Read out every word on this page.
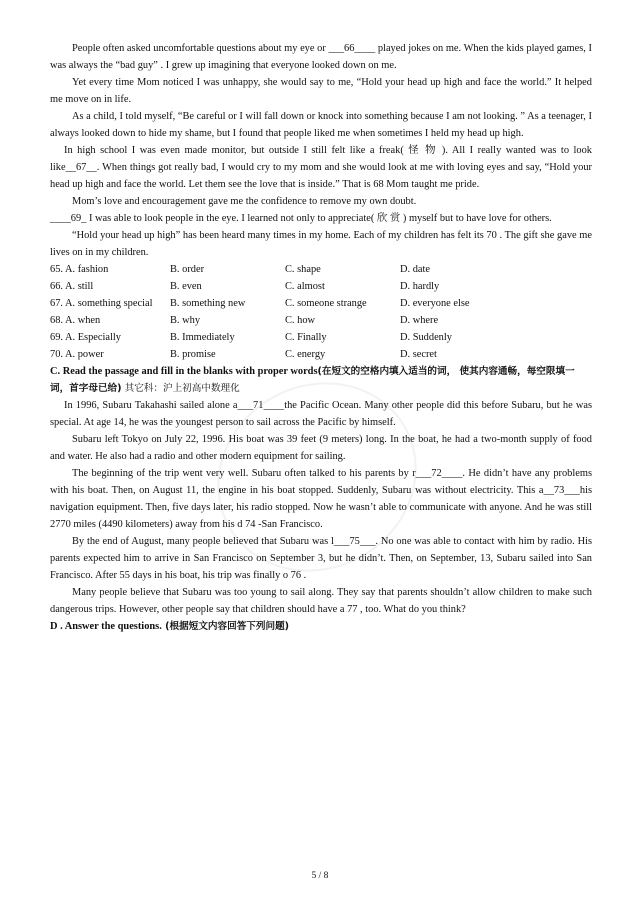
People often asked uncomfortable questions about my eye or ___66____ played jokes on me. When the kids played games, I was always the “bad guy” . I grew up imagining that everyone looked down on me.

Yet every time Mom noticed I was unhappy, she would say to me, “Hold your head up high and face the world.” It helped me move on in life.

As a child, I told myself, “Be careful or I will fall down or knock into something because I am not looking. ” As a teenager, I always looked down to hide my shame, but I found that people liked me when sometimes I held my head up high.

In high school I was even made monitor, but outside I still felt like a freak( 怪 物 ). All I really wanted was to look like__67__. When things got really bad, I would cry to my mom and she would look at me with loving eyes and say, “Hold your head up high and face the world. Let them see the love that is inside.” That is 68 Mom taught me pride.

Mom’s love and encouragement gave me the confidence to remove my own doubt.

____69_ I was able to look people in the eye. I learned not only to appreciate( 欣 赏 ) myself but to have love for others.

“Hold your head up high” has been heard many times in my home. Each of my children has felt its 70 . The gift she gave me lives on in my children.

65. A. fashion	B. order	C. shape	D. date
66. A. still	B. even	C. almost	D. hardly
67. A. something special	B. something new	C. someone strange	D. everyone else
68. A. when	B. why	C. how	D. where
69. A. Especially	B. Immediately	C. Finally	D. Suddenly
70. A. power	B. promise	C. energy	D. secret

C. Read the passage and fill in the blanks with proper words(在短文的空格内填入适当的词， 使其内容通畅，每空限填一词，首字母已给) 其它科：沪上初高中数理化

In 1996, Subaru Takahashi sailed alone a___71____the Pacific Ocean. Many other people did this before Subaru, but he was special. At age 14, he was the youngest person to sail across the Pacific by himself.

Subaru left Tokyo on July 22, 1996. His boat was 39 feet (9 meters) long. In the boat, he had a two-month supply of food and water. He also had a radio and other modern equipment for sailing.

The beginning of the trip went very well. Subaru often talked to his parents by r___72____. He didn’t have any problems with his boat. Then, on August 11, the engine in his boat stopped. Suddenly, Subaru was without electricity. This a__73___his navigation equipment. Then, five days later, his radio stopped. Now he wasn’t able to communicate with anyone. And he was still 2770 miles (4490 kilometers) away from his d 74 -San Francisco.

By the end of August, many people believed that Subaru was l___75___. No one was able to contact with him by radio. His parents expected him to arrive in San Francisco on September 3, but he didn’t. Then, on September, 13, Subaru sailed into San Francisco. After 55 days in his boat, his trip was finally o 76 .

Many people believe that Subaru was too young to sail along. They say that parents shouldn’t allow children to make such dangerous trips. However, other people say that children should have a 77 , too. What do you think?

D . Answer the questions. (根据短文内容回答下列问题)

5 / 8
